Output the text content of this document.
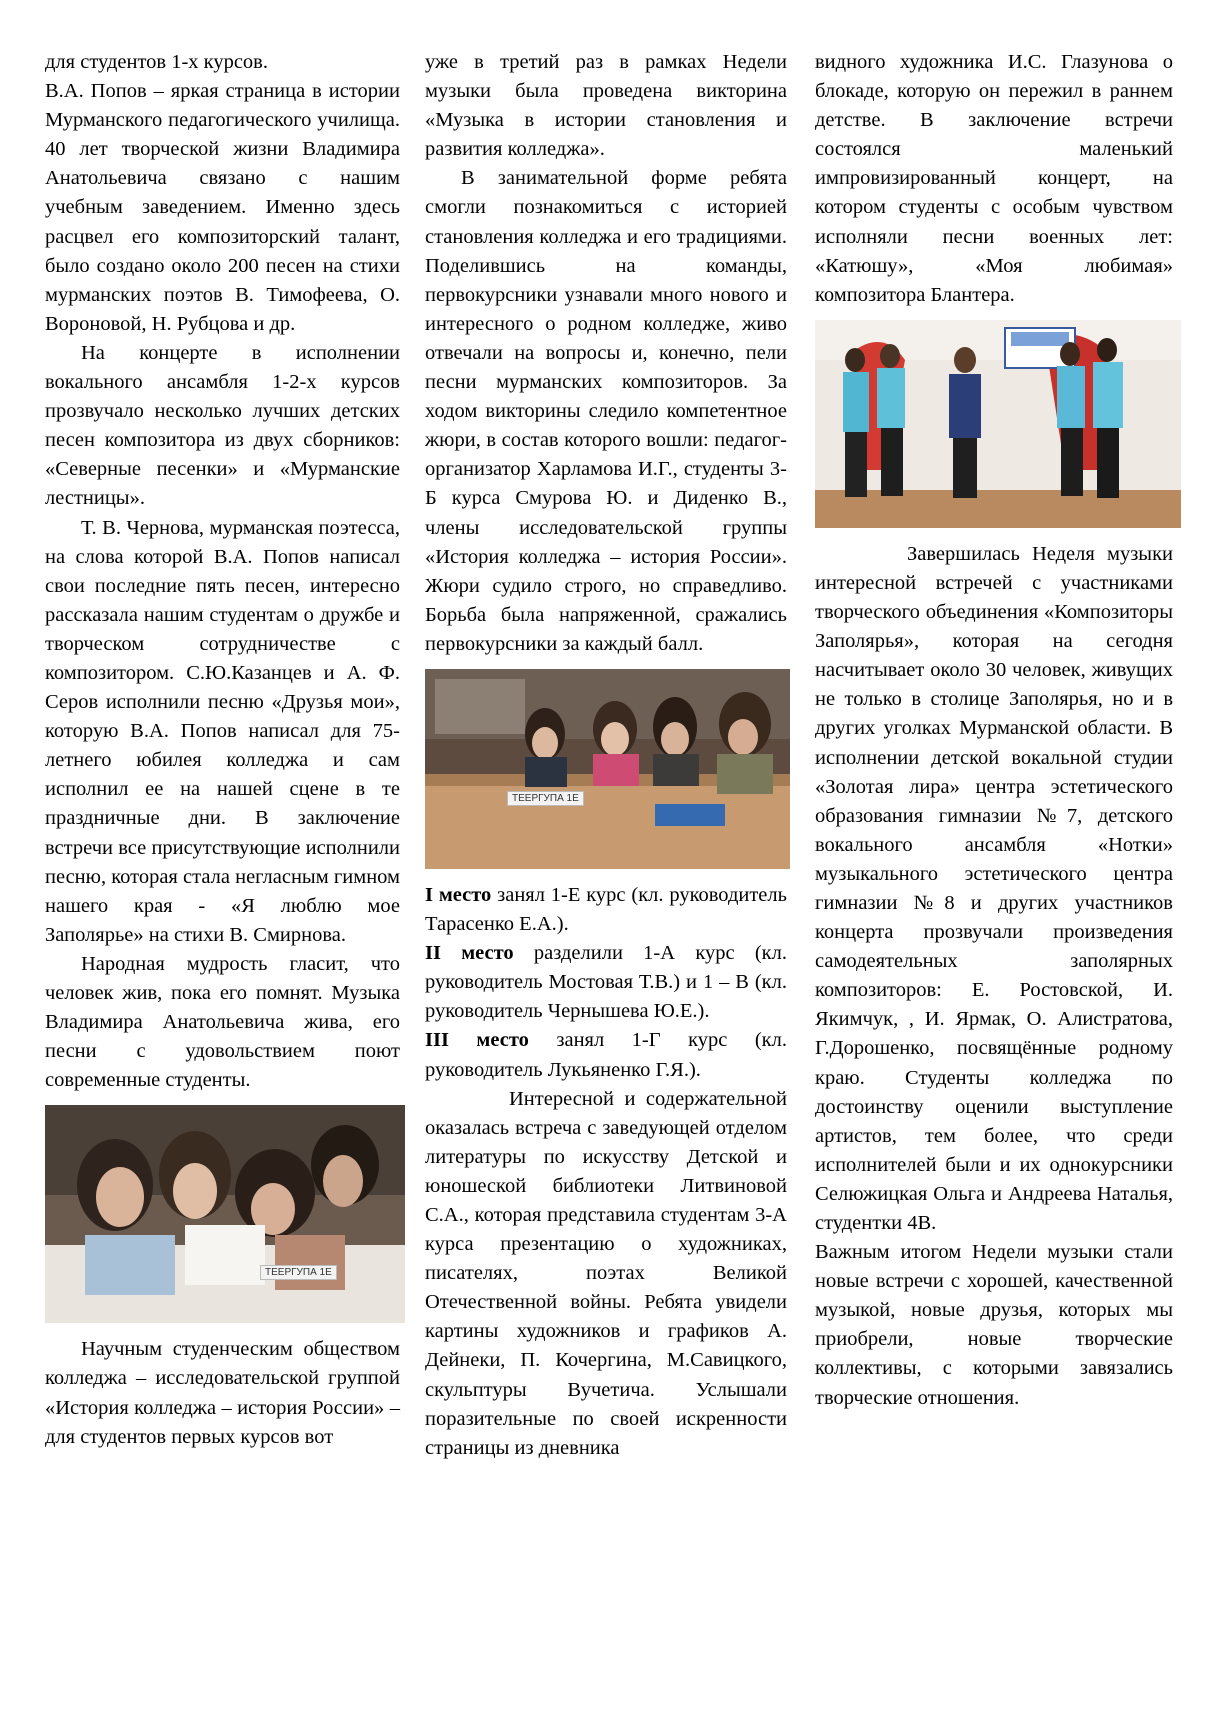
для студентов 1-х курсов.

В.А. Попов – яркая страница в истории Мурманского педагогического училища. 40 лет творческой жизни Владимира Анатольевича связано с нашим учебным заведением. Именно здесь расцвел его композиторский талант, было создано около 200 песен на стихи мурманских поэтов В. Тимофеева, О. Вороновой, Н. Рубцова и др.

На концерте в исполнении вокального ансамбля 1-2-х курсов прозвучало несколько лучших детских песен композитора из двух сборников: «Северные песенки» и «Мурманские лестницы».

Т. В. Чернова, мурманская поэтесса, на слова которой В.А. Попов написал свои последние пять песен, интересно рассказала нашим студентам о дружбе и творческом сотрудничестве с композитором. С.Ю.Казанцев и А. Ф. Серов исполнили песню «Друзья мои», которую В.А. Попов написал для 75-летнего юбилея колледжа и сам исполнил ее на нашей сцене в те праздничные дни. В заключение встречи все присутствующие исполнили песню, которая стала негласным гимном нашего края - «Я люблю мое Заполярье» на стихи В. Смирнова.

Народная мудрость гласит, что человек жив, пока его помнят. Музыка Владимира Анатольевича жива, его песни с удовольствием поют современные студенты.

ТЕЕРГУПА 1Е

Научным студенческим обществом колледжа – исследовательской группой «История колледжа – история России» – для студентов первых курсов вот

уже в третий раз в рамках Недели музыки была проведена викторина «Музыка в истории становления и развития колледжа».

В занимательной форме ребята смогли познакомиться с историей становления колледжа и его традициями. Поделившись на команды, первокурсники узнавали много нового и интересного о родном колледже, живо отвечали на вопросы и, конечно, пели песни мурманских композиторов. За ходом викторины следило компетентное жюри, в состав которого вошли: педагог-организатор Харламова И.Г., студенты 3-Б курса Смурова Ю. и Диденко В., члены исследовательской группы «История колледжа – история России». Жюри судило строго, но справедливо. Борьба была напряженной, сражались первокурсники за каждый балл.

ТЕЕРГУПА 1Е

I место занял 1-Е курс (кл. руководитель Тарасенко Е.А.).

II место разделили 1-А курс (кл. руководитель Мостовая Т.В.) и 1 – В (кл. руководитель Чернышева Ю.Е.).

III место занял 1-Г курс (кл. руководитель Лукьяненко Г.Я.).

Интересной и содержательной оказалась встреча с заведующей отделом литературы по искусству Детской и юношеской библиотеки Литвиновой С.А., которая представила студентам 3-А курса презентацию о художниках, писателях, поэтах Великой Отечественной войны. Ребята увидели картины художников и графиков А. Дейнеки, П. Кочергина, М.Савицкого, скульптуры Вучетича. Услышали поразительные по своей искренности страницы из дневника

видного художника И.С. Глазунова о блокаде, которую он пережил в раннем детстве. В заключение встречи состоялся маленький импровизированный концерт, на котором студенты с особым чувством исполняли песни военных лет: «Катюшу», «Моя любимая» композитора Блантера.

Завершилась Неделя музыки интересной встречей с участниками творческого объединения «Композиторы Заполярья», которая на сегодня насчитывает около 30 человек, живущих не только в столице Заполярья, но и в других уголках Мурманской области. В исполнении детской вокальной студии «Золотая лира» центра эстетического образования гимназии №7, детского вокального ансамбля «Нотки» музыкального эстетического центра гимназии №8 и других участников концерта прозвучали произведения самодеятельных заполярных композиторов: Е. Ростовской, И. Якимчук, , И. Ярмак, О. Алистратова, Г.Дорошенко, посвящённые родному краю. Студенты колледжа по достоинству оценили выступление артистов, тем более, что среди исполнителей были и их однокурсники Селюжицкая Ольга и Андреева Наталья, студентки 4В.

Важным итогом Недели музыки стали новые встречи с хорошей, качественной музыкой, новые друзья, которых мы приобрели, новые творческие коллективы, с которыми завязались творческие отношения.
